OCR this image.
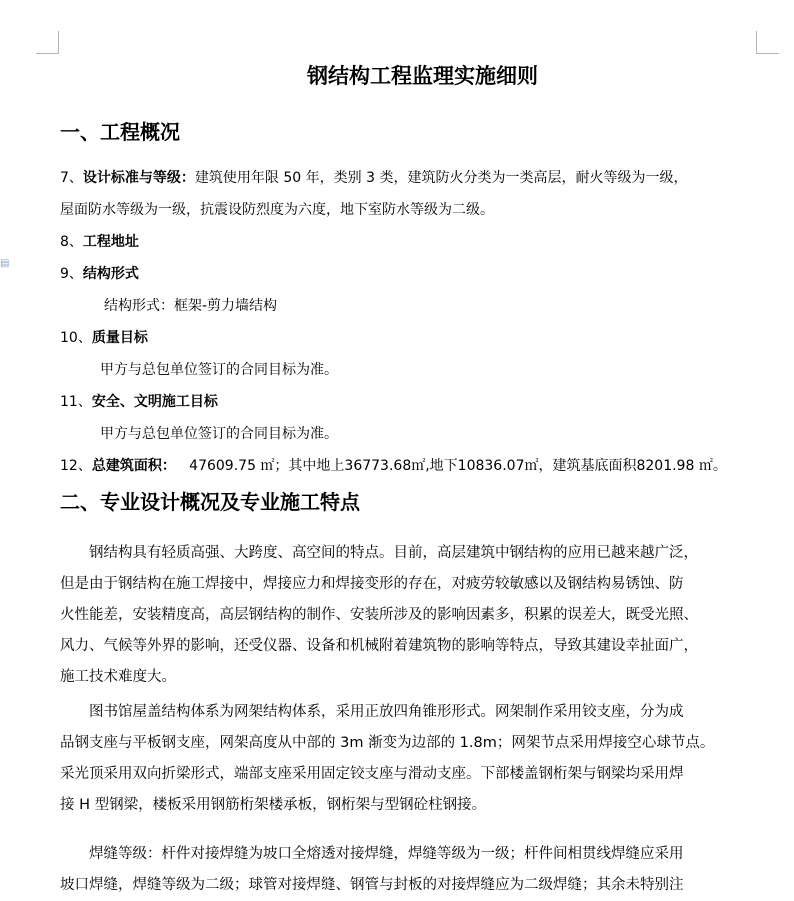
▤
钢结构工程监理实施细则
一、工程概况
7、设计标准与等级：建筑使用年限 50 年，类别 3 类，建筑防火分类为一类高层，耐火等级为一级，
屋面防水等级为一级，抗震设防烈度为六度，地下室防水等级为二级。
8、工程地址
9、结构形式
结构形式：框架-剪力墙结构
10、质量目标
甲方与总包单位签订的合同目标为准。
11、安全、文明施工目标
甲方与总包单位签订的合同目标为准。
12、总建筑面积：   47609.75 ㎡；其中地上36773.68㎡,地下10836.07㎡，建筑基底面积8201.98 ㎡。
二、专业设计概况及专业施工特点
钢结构具有轻质高强、大跨度、高空间的特点。目前，高层建筑中钢结构的应用已越来越广泛，
但是由于钢结构在施工焊接中，焊接应力和焊接变形的存在，对疲劳较敏感以及钢结构易锈蚀、防
火性能差，安装精度高，高层钢结构的制作、安装所涉及的影响因素多，积累的误差大，既受光照、
风力、气候等外界的影响，还受仪器、设备和机械附着建筑物的影响等特点，导致其建设幸扯面广，
施工技术难度大。
图书馆屋盖结构体系为网架结构体系，采用正放四角锥形形式。网架制作采用铰支座，分为成
品钢支座与平板钢支座，网架高度从中部的 3m 渐变为边部的 1.8m；网架节点采用焊接空心球节点。
采光顶采用双向折梁形式，端部支座采用固定铰支座与滑动支座。下部楼盖钢桁架与钢梁均采用焊
接 H 型钢梁，楼板采用钢筋桁架楼承板，钢桁架与型钢砼柱钢接。
焊缝等级：杆件对接焊缝为坡口全熔透对接焊缝，焊缝等级为一级；杆件间相贯线焊缝应采用
坡口焊缝，焊缝等级为二级；球管对接焊缝、钢管与封板的对接焊缝应为二级焊缝；其余未特别注
